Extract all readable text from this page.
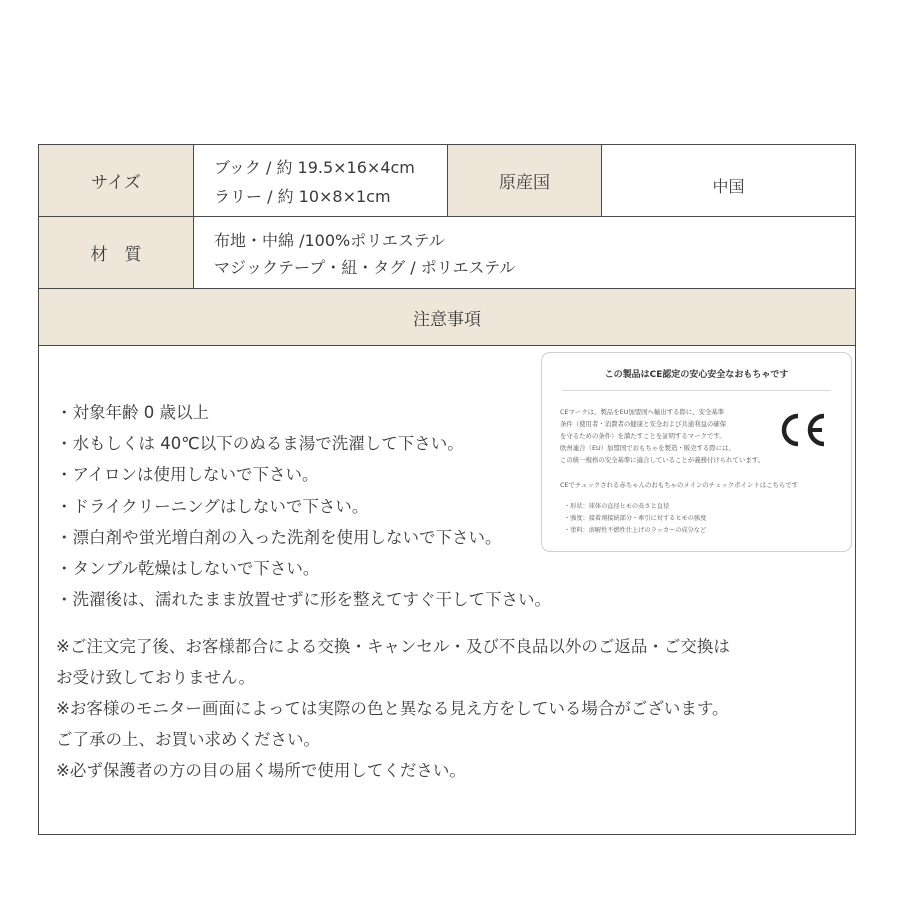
サイズ
ブック / 約 19.5×16×4cm
ラリー / 約 10×8×1cm
原産国	中国
材　質
布地・中綿 /100%ポリエステル
マジックテープ・紐・タグ / ポリエステル
注意事項
・対象年齢 0 歳以上
・水もしくは 40℃以下のぬるま湯で洗濯して下さい。
・アイロンは使用しないで下さい。
・ドライクリーニングはしないで下さい。
・漂白剤や蛍光増白剤の入った洗剤を使用しないで下さい。
・タンブル乾燥はしないで下さい。
・洗濯後は、濡れたまま放置せずに形を整えてすぐ干して下さい。
※ご注文完了後、お客様都合による交換・キャンセル・及び不良品以外のご返品・ご交換は
お受け致しておりません。
※お客様のモニター画面によっては実際の色と異なる見え方をしている場合がございます。
ご了承の上、お買い求めください。
※必ず保護者の方の目の届く場所で使用してください。
この製品はCE認定の安心安全なおもちゃです
CEマークは、製品をEU加盟国へ輸出する際に、安全基準
条件（使用者・消費者の健康と安全および共通利益の確保
を守るための条件）を満たすことを証明するマークです。
欧州連合（EU）加盟国でおもちゃを製造・販売する際には、
この統一規格の安全基準に適合していることが義務付けられています。
CEでチェックされる赤ちゃんのおもちゃのメインのチェックポイントはこちらです
・形状：球体の直径ヒモの長さと直径
・強度：接着剤接続部分・牽引に対するヒモの強度
・塗料：溶解性不燃性仕上げのラッカーの成分など
